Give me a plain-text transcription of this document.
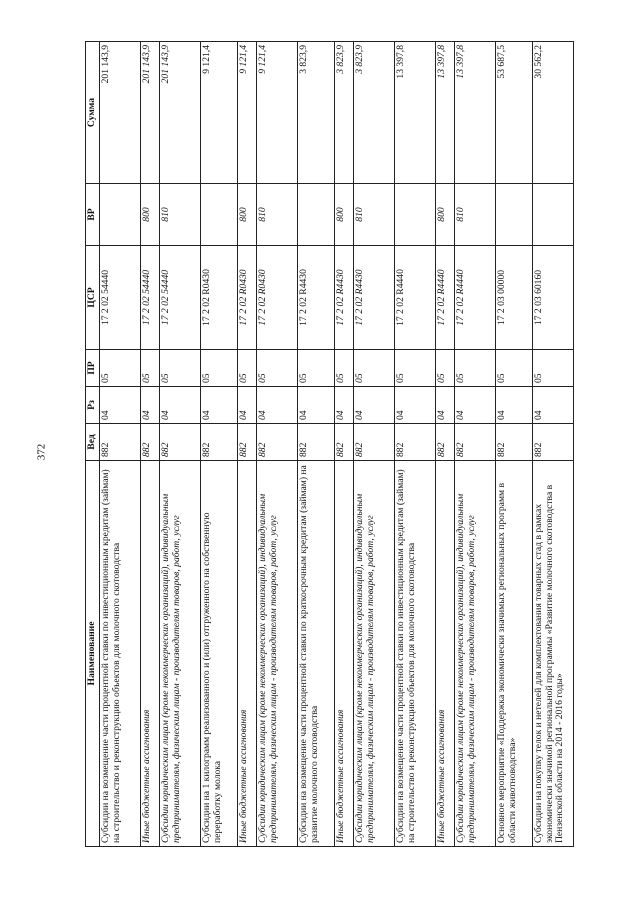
372
Наименование	Вед	Рз	ПР	ЦСР	ВР	Сумма
Субсидии на возмещение части процентной ставки по инвестиционным кредитам (займам) на строительство и реконструкцию объектов для молочного скотоводства	882	04	05	17 2 02 54440		201 143,9
Иные бюджетные ассигнования	882	04	05	17 2 02 54440	800	201 143,9
Субсидии юридическим лицам (кроме некоммерческих организаций), индивидуальным предпринимателям, физическим лицам - производителям товаров, работ, услуг	882	04	05	17 2 02 54440	810	201 143,9
Субсидии на 1 килограмм реализованного и (или) отгруженного на собственную переработку молока	882	04	05	17 2 02 R0430		9 121,4
Иные бюджетные ассигнования	882	04	05	17 2 02 R0430	800	9 121,4
Субсидии юридическим лицам (кроме некоммерческих организаций), индивидуальным предпринимателям, физическим лицам - производителям товаров, работ, услуг	882	04	05	17 2 02 R0430	810	9 121,4
Субсидии на возмещение части процентной ставки по краткосрочным кредитам (займам) на развитие молочного скотоводства	882	04	05	17 2 02 R4430		3 823,9
Иные бюджетные ассигнования	882	04	05	17 2 02 R4430	800	3 823,9
Субсидии юридическим лицам (кроме некоммерческих организаций), индивидуальным предпринимателям, физическим лицам - производителям товаров, работ, услуг	882	04	05	17 2 02 R4430	810	3 823,9
Субсидии на возмещение части процентной ставки по инвестиционным кредитам (займам) на строительство и реконструкцию объектов для молочного скотоводства	882	04	05	17 2 02 R4440		13 397,8
Иные бюджетные ассигнования	882	04	05	17 2 02 R4440	800	13 397,8
Субсидии юридическим лицам (кроме некоммерческих организаций), индивидуальным предпринимателям, физическим лицам - производителям товаров, работ, услуг	882	04	05	17 2 02 R4440	810	13 397,8
Основное мероприятие «Поддержка экономически значимых региональных программ в области животноводства»	882	04	05	17 2 03 00000		53 687,5
Субсидии на покупку телок и нетелей для комплектования товарных стад в рамках экономически значимой региональной программы «Развитие молочного скотоводства в Пензенской области на 2014 - 2016 годы»	882	04	05	17 2 03 60160		30 562,2
